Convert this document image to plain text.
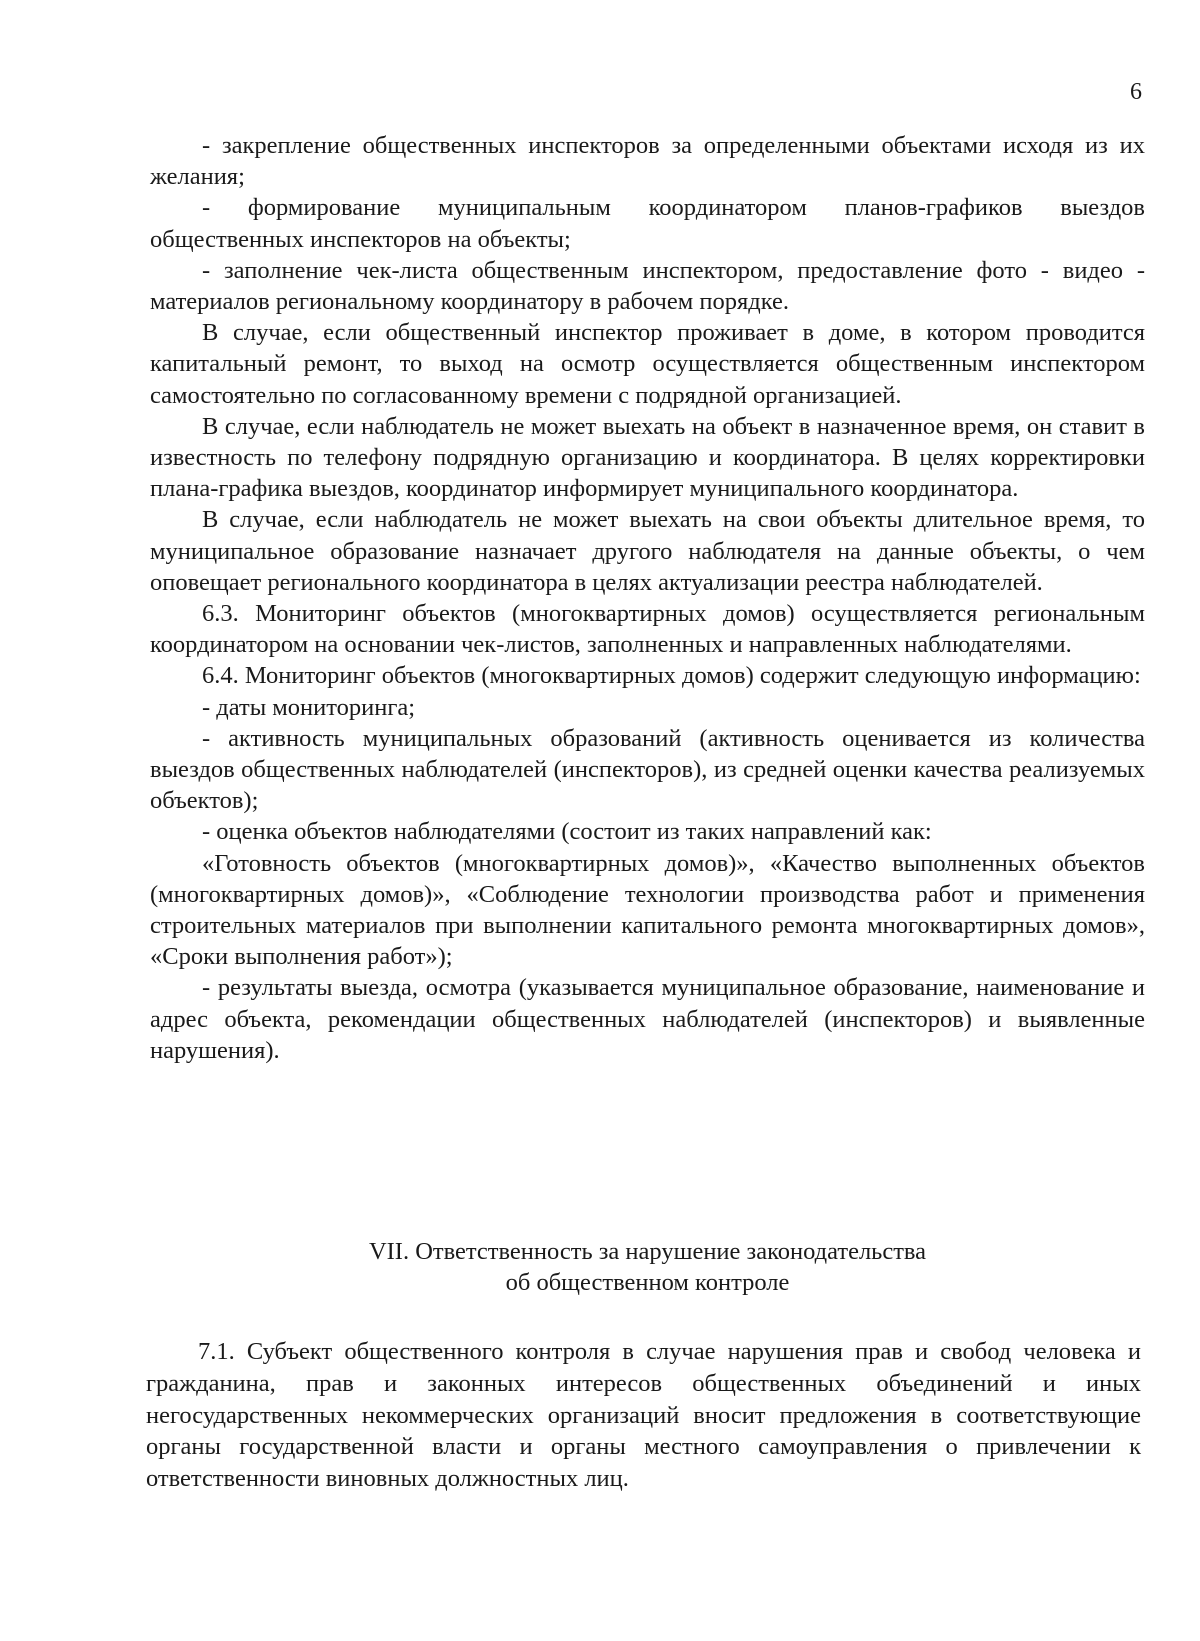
6

- закрепление общественных инспекторов за определенными объектами исходя из их желания;

- формирование муниципальным координатором планов-графиков выездов общественных инспекторов на объекты;

- заполнение чек-листа общественным инспектором, предоставление фото - видео - материалов региональному координатору в рабочем порядке.

В случае, если общественный инспектор проживает в доме, в котором проводится капитальный ремонт, то выход на осмотр осуществляется общественным инспектором самостоятельно по согласованному времени с подрядной организацией.

В случае, если наблюдатель не может выехать на объект в назначенное время, он ставит в известность по телефону подрядную организацию и координатора. В целях корректировки плана-графика выездов, координатор информирует муниципального координатора.

В случае, если наблюдатель не может выехать на свои объекты длительное время, то муниципальное образование назначает другого наблюдателя на данные объекты, о чем оповещает регионального координатора в целях актуализации реестра наблюдателей.

6.3. Мониторинг объектов (многоквартирных домов) осуществляется региональным координатором на основании чек-листов, заполненных и направленных наблюдателями.

6.4. Мониторинг объектов (многоквартирных домов) содержит следующую информацию:

- даты мониторинга;

- активность муниципальных образований (активность оценивается из количества выездов общественных наблюдателей (инспекторов), из средней оценки качества реализуемых объектов);

- оценка объектов наблюдателями (состоит из таких направлений как:

«Готовность объектов (многоквартирных домов)», «Качество выполненных объектов (многоквартирных домов)», «Соблюдение технологии производства работ и применения строительных материалов при выполнении капитального ремонта многоквартирных домов», «Сроки выполнения работ»);

- результаты выезда, осмотра (указывается муниципальное образование, наименование и адрес объекта, рекомендации общественных наблюдателей (инспекторов) и выявленные нарушения).

VII. Ответственность за нарушение законодательства
об общественном контроле

7.1. Субъект общественного контроля в случае нарушения прав и свобод человека и гражданина, прав и законных интересов общественных объединений и иных негосударственных некоммерческих организаций вносит предложения в соответствующие органы государственной власти и органы местного самоуправления о привлечении к ответственности виновных должностных лиц.
